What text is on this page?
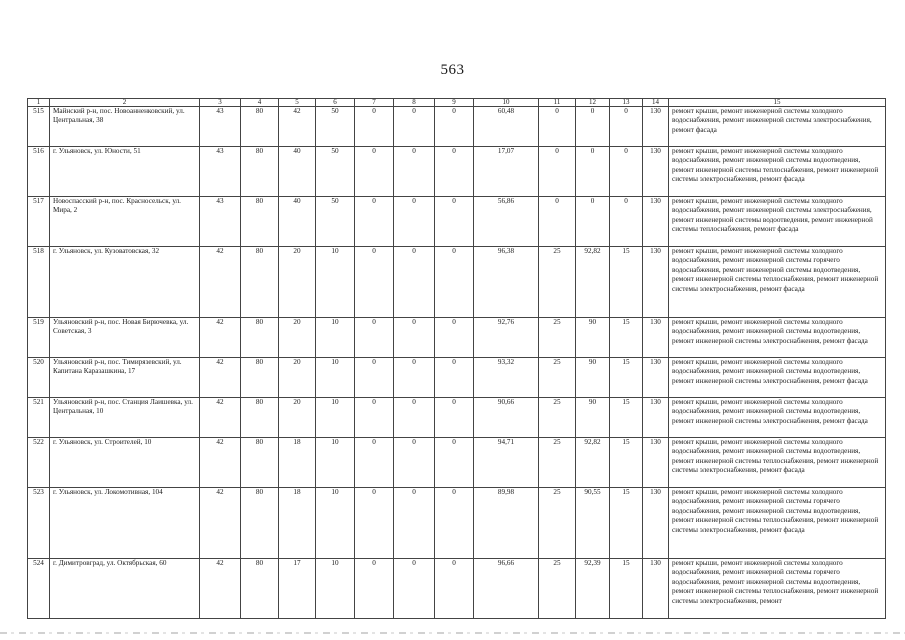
563
1	2	3	4	5	6	7	8	9	10	11	12	13	14	15
515	Майнский р-н, пос. Новоанненковский, ул. Центральная, 38	43	80	42	50	0	0	0	60,48	0	0	0	130	ремонт крыши, ремонт инженерной системы холодного водоснабжения, ремонт инженерной системы электроснабжения, ремонт фасада
516	г. Ульяновск, ул. Юности, 51	43	80	40	50	0	0	0	17,07	0	0	0	130	ремонт крыши, ремонт инженерной системы холодного водоснабжения, ремонт инженерной системы водоотведения, ремонт инженерной системы теплоснабжения, ремонт инженерной системы электроснабжения, ремонт фасада
517	Новоспасский р-н, пос. Красносельск, ул. Мира, 2	43	80	40	50	0	0	0	56,86	0	0	0	130	ремонт крыши, ремонт инженерной системы холодного водоснабжения, ремонт инженерной системы электроснабжения, ремонт инженерной системы водоотведения, ремонт инженерной системы теплоснабжения, ремонт фасада
518	г. Ульяновск, ул. Кузоватовская, 32	42	80	20	10	0	0	0	96,38	25	92,82	15	130	ремонт крыши, ремонт инженерной системы холодного водоснабжения, ремонт инженерной системы горячего водоснабжения, ремонт инженерной системы водоотведения, ремонт инженерной системы теплоснабжения, ремонт инженерной системы электроснабжения, ремонт фасада
519	Ульяновский р-н, пос. Новая Бирючевка, ул. Советская, 3	42	80	20	10	0	0	0	92,76	25	90	15	130	ремонт крыши, ремонт инженерной системы холодного водоснабжения, ремонт инженерной системы водоотведения, ремонт инженерной системы электроснабжения, ремонт фасада
520	Ульяновский р-н, пос. Тимирязевский, ул. Капитана Каразашкина, 17	42	80	20	10	0	0	0	93,32	25	90	15	130	ремонт крыши, ремонт инженерной системы холодного водоснабжения, ремонт инженерной системы водоотведения, ремонт инженерной системы электроснабжения, ремонт фасада
521	Ульяновский р-н, пос. Станция Лаишевка, ул. Центральная, 10	42	80	20	10	0	0	0	90,66	25	90	15	130	ремонт крыши, ремонт инженерной системы холодного водоснабжения, ремонт инженерной системы водоотведения, ремонт инженерной системы электроснабжения, ремонт фасада
522	г. Ульяновск, ул. Строителей, 10	42	80	18	10	0	0	0	94,71	25	92,82	15	130	ремонт крыши, ремонт инженерной системы холодного водоснабжения, ремонт инженерной системы водоотведения, ремонт инженерной системы теплоснабжения, ремонт инженерной системы электроснабжения, ремонт фасада
523	г. Ульяновск, ул. Локомотивная, 104	42	80	18	10	0	0	0	89,98	25	90,55	15	130	ремонт крыши, ремонт инженерной системы холодного водоснабжения, ремонт инженерной системы горячего водоснабжения, ремонт инженерной системы водоотведения, ремонт инженерной системы теплоснабжения, ремонт инженерной системы электроснабжения, ремонт фасада
524	г. Димитровград, ул. Октябрьская, 60	42	80	17	10	0	0	0	96,66	25	92,39	15	130	ремонт крыши, ремонт инженерной системы холодного водоснабжения, ремонт инженерной системы горячего водоснабжения, ремонт инженерной системы водоотведения, ремонт инженерной системы теплоснабжения, ремонт инженерной системы электроснабжения, ремонт
